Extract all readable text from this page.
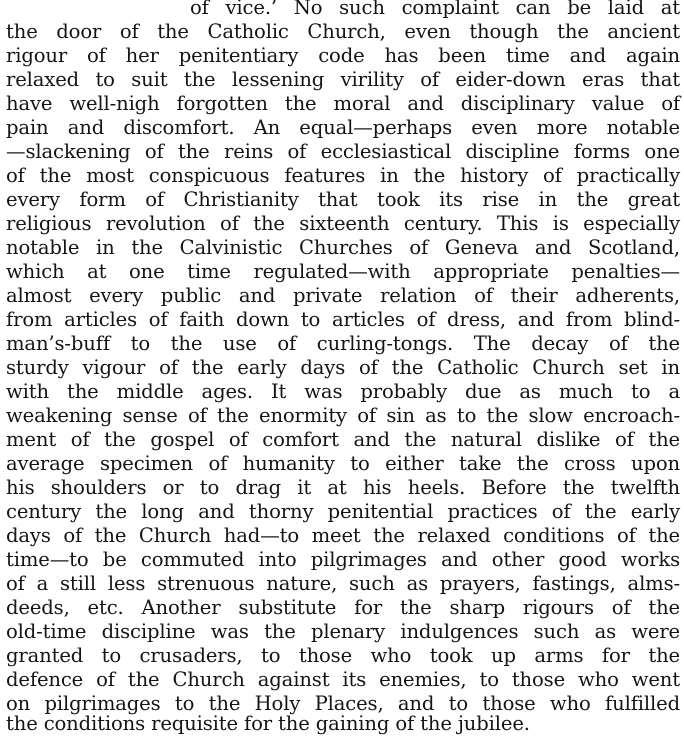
of vice.’ No such complaint can be laid at
the door of the Catholic Church, even though the ancient
rigour of her penitentiary code has been time and again
relaxed to suit the lessening virility of eider-down eras that
have well-nigh forgotten the moral and disciplinary value of
pain and discomfort. An equal—perhaps even more notable
—slackening of the reins of ecclesiastical discipline forms one
of the most conspicuous features in the history of practically
every form of Christianity that took its rise in the great
religious revolution of the sixteenth century. This is especially
notable in the Calvinistic Churches of Geneva and Scotland,
which at one time regulated—with appropriate penalties—
almost every public and private relation of their adherents,
from articles of faith down to articles of dress, and from blind-
man’s-buff to the use of curling-tongs. The decay of the
sturdy vigour of the early days of the Catholic Church set in
with the middle ages. It was probably due as much to a
weakening sense of the enormity of sin as to the slow encroach-
ment of the gospel of comfort and the natural dislike of the
average specimen of humanity to either take the cross upon
his shoulders or to drag it at his heels. Before the twelfth
century the long and thorny penitential practices of the early
days of the Church had—to meet the relaxed conditions of the
time—to be commuted into pilgrimages and other good works
of a still less strenuous nature, such as prayers, fastings, alms-
deeds, etc. Another substitute for the sharp rigours of the
old-time discipline was the plenary indulgences such as were
granted to crusaders, to those who took up arms for the
defence of the Church against its enemies, to those who went
on pilgrimages to the Holy Places, and to those who fulfilled
the conditions requisite for the gaining of the jubilee.
